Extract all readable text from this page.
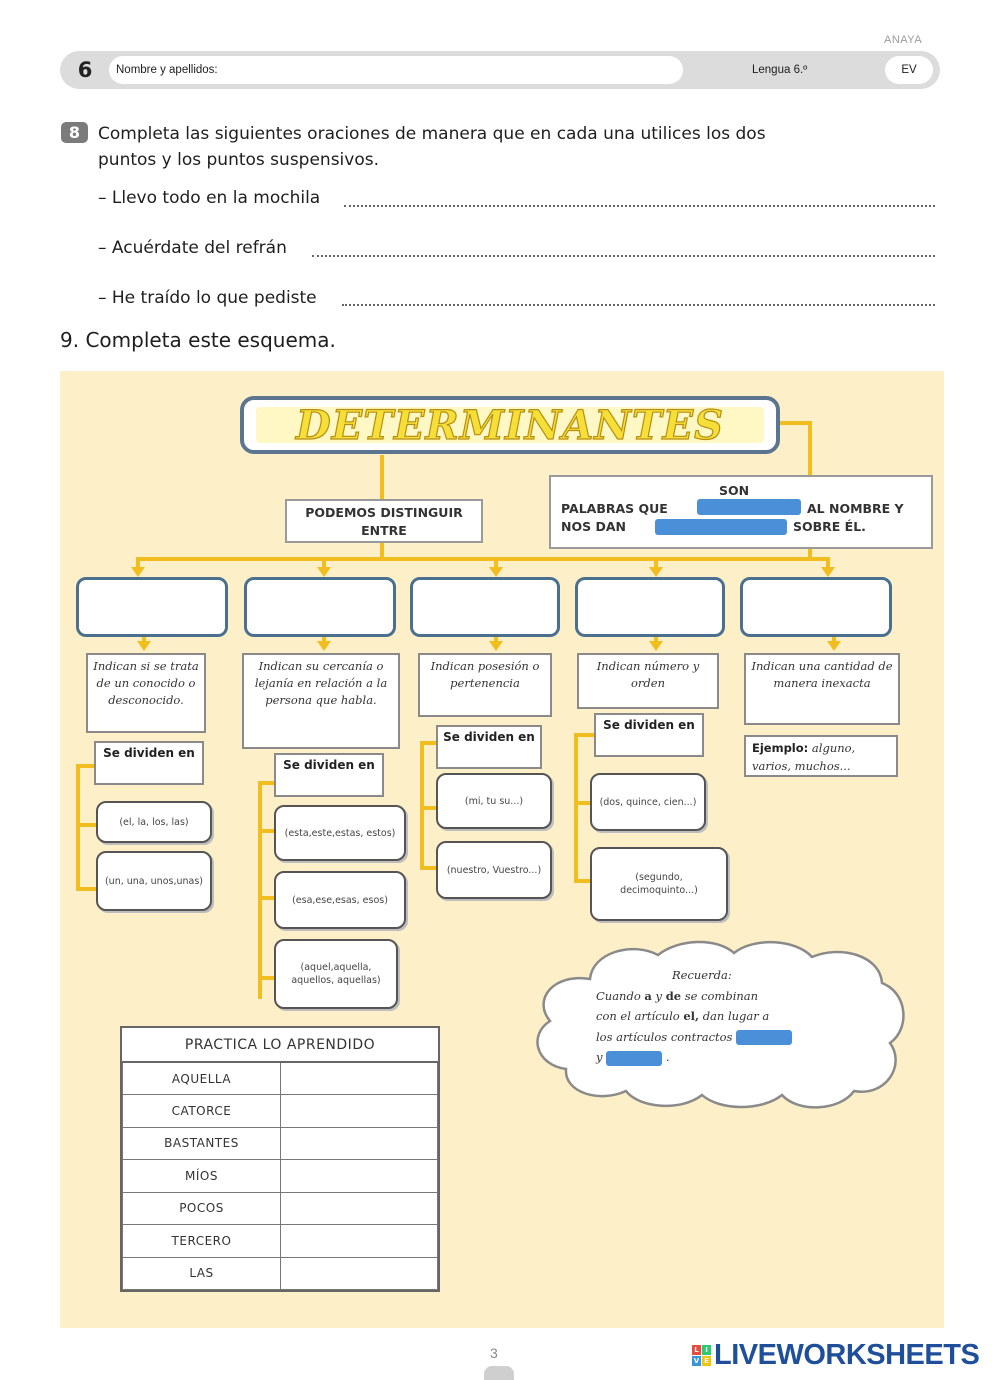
ANAYA
6	Nombre y apellidos:	Lengua 6.º	EV
8	Completa las siguientes oraciones de manera que en cada una utilices los dos puntos y los puntos suspensivos.
– Llevo todo en la mochila
– Acuérdate del refrán
– He traído lo que pediste
9. Completa este esquema.
DETERMINANTES
PODEMOS DISTINGUIR ENTRE
SON
PALABRAS QUE	AL NOMBRE Y
NOS DAN	SOBRE ÉL.
Indican si se trata de un conocido o desconocido.
Indican su cercanía o lejanía en relación a la persona que habla.
Indican posesión o pertenencia
Indican número y orden
Indican una cantidad de manera inexacta
Se dividen en
Se dividen en
Se dividen en
Se dividen en
(el, la, los, las)
(un, una, unos,unas)
(esta,este,estas, estos)
(esa,ese,esas, esos)
(aquel,aquella, aquellos, aquellas)
(mi, tu su...)
(nuestro, Vuestro...)
(dos, quince, cien...)
(segundo, decimoquinto...)
Ejemplo: alguno, varios, muchos...
Recuerda:
Cuando a y de se combinan
con el artículo el, dan lugar a
los artículos contractos
y	.
PRACTICA LO APRENDIDO	
AQUELLA	
CATORCE	
BASTANTES	
MÍOS	
POCOS	
TERCERO	
LAS	
3	L I
V E LIVEWORKSHEETS
